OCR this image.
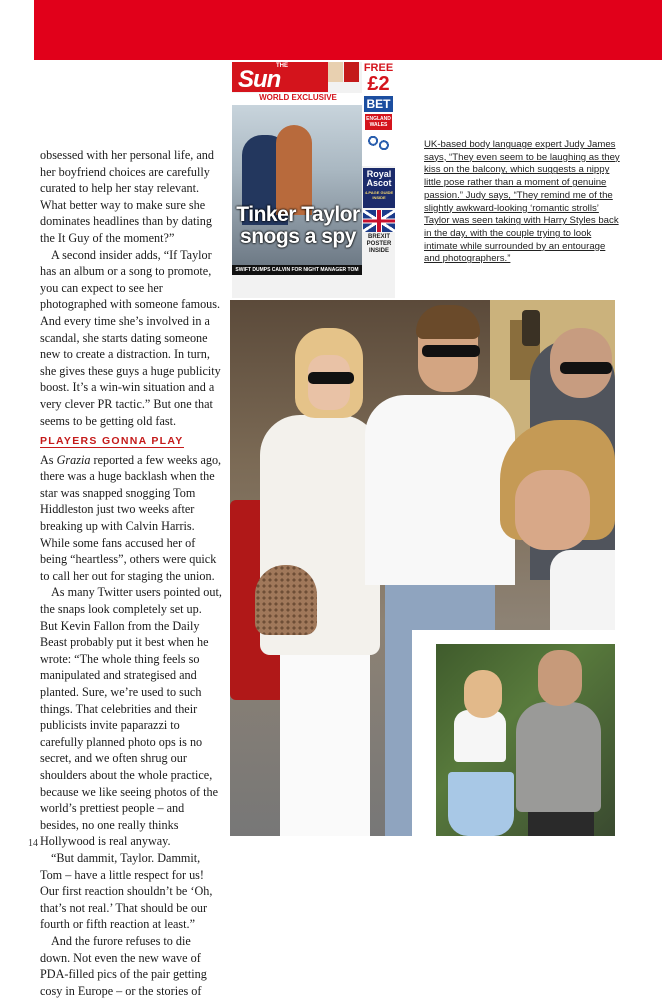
THE
Sun
WORLD EXCLUSIVE
FREE
£2
BET
ENGLAND WALES
Royal Ascot
4-PAGE GUIDE INSIDE
BREXIT POSTER INSIDE
Tinker Taylor
snogs a spy
SWIFT DUMPS CALVIN FOR NIGHT MANAGER TOM

obsessed with her personal life, and her boyfriend choices are carefully curated to help her stay relevant. What better way to make sure she dominates headlines than by dating the It Guy of the moment?”

A second insider adds, “If Taylor has an album or a song to promote, you can expect to see her photographed with someone famous. And every time she’s involved in a scandal, she starts dating someone new to create a distraction. In turn, she gives these guys a huge publicity boost. It’s a win-win situation and a very clever PR tactic.” But one that seems to be getting old fast.

PLAYERS GONNA PLAY

As Grazia reported a few weeks ago, there was a huge backlash when the star was snapped snogging Tom Hiddleston just two weeks after breaking up with Calvin Harris. While some fans accused her of being “heartless”, others were quick to call her out for staging the union.

As many Twitter users pointed out, the snaps look completely set up. But Kevin Fallon from the Daily Beast probably put it best when he wrote: “The whole thing feels so manipulated and strategised and planted. Sure, we’re used to such things. That celebrities and their publicists invite paparazzi to carefully planned photo ops is no secret, and we often shrug our shoulders about the whole practice, because we like seeing photos of the world’s prettiest people – and besides, no one really thinks Hollywood is real anyway.

“But dammit, Taylor. Dammit, Tom – have a little respect for us! Our first reaction shouldn’t be ‘Oh, that’s not real.’ That should be our fourth or fifth reaction at least.”

And the furore refuses to die down. Not even the new wave of PDA-filled pics of the pair getting cosy in Europe – or the stories of

UK-based body language expert Judy James says, “They even seem to be laughing as they kiss on the balcony, which suggests a nippy little pose rather than a moment of genuine passion.” Judy says, “They remind me of the slightly awkward-looking ‘romantic strolls’ Taylor was seen taking with Harry Styles back in the day, with the couple trying to look intimate while surrounded by an entourage and photographers.”
14
